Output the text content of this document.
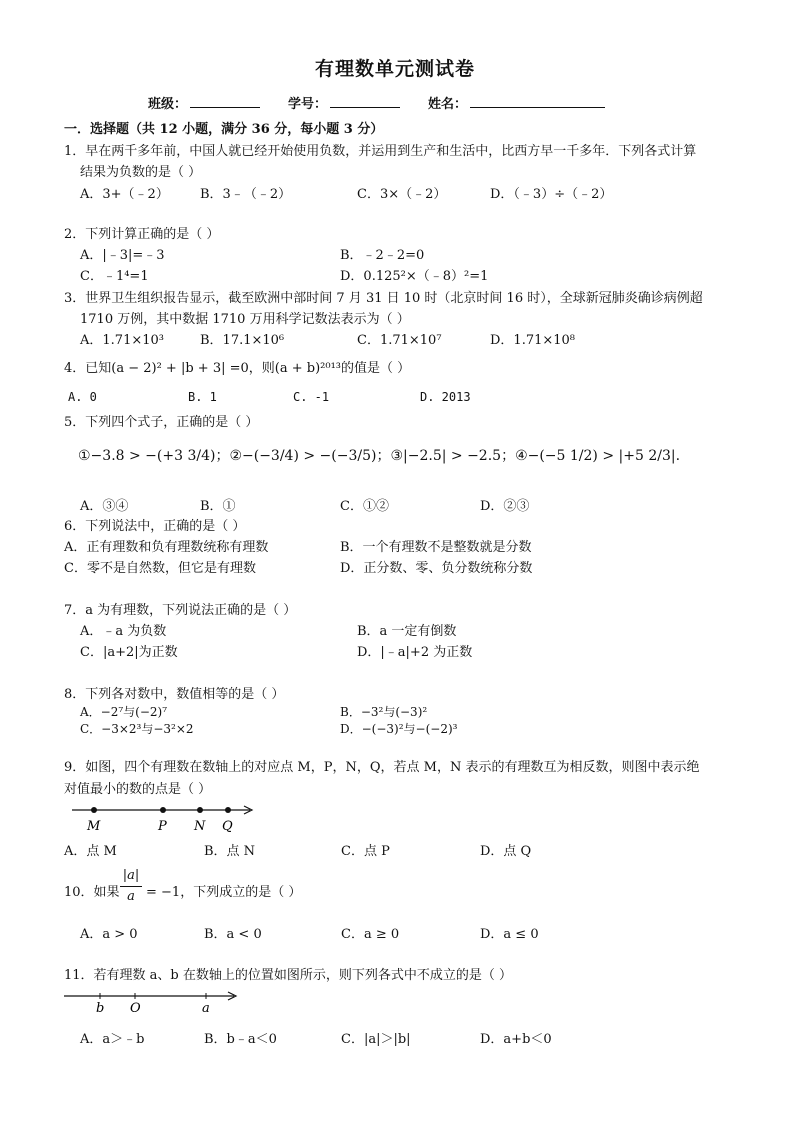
有理数单元测试卷
班级：	学号：	姓名：
一．选择题（共 12 小题，满分 36 分，每小题 3 分）
1．早在两千多年前，中国人就已经开始使用负数，并运用到生产和生活中，比西方早一千多年．下列各式计算
结果为负数的是（ ）
A．3+（﹣2） B．3﹣（﹣2）	C．3×（﹣2）	D．（﹣3）÷（﹣2）
2．下列计算正确的是（ ）
A．|﹣3|=﹣3	B．﹣2﹣2=0
C．﹣1⁴=1	D．0.125²×（﹣8）²=1
3．世界卫生组织报告显示，截至欧洲中部时间 7 月 31 日 10 时（北京时间 16 时），全球新冠肺炎确诊病例超
1710 万例，其中数据 1710 万用科学记数法表示为（ ）
A．1.71×10³	B．17.1×10⁶	C．1.71×10⁷	D．1.71×10⁸
4．已知(a − 2)² + |b + 3| =0，则(a + b)²⁰¹³的值是（ ）
A. 0	B. 1	C. -1	D. 2013
5．下列四个式子，正确的是（ ）
①−3.8 > −(+3 3/4)；②−(−3/4) > −(−3/5)；③|−2.5| > −2.5；④−(−5 1/2) > |+5 2/3|.
A．③④	B．①	C．①②	D．②③
6．下列说法中，正确的是（ ）
A．正有理数和负有理数统称有理数	B．一个有理数不是整数就是分数
C．零不是自然数，但它是有理数	D．正分数、零、负分数统称分数
7．a 为有理数，下列说法正确的是（ ）
A．﹣a 为负数	B．a 一定有倒数
C．|a+2|为正数	D．|﹣a|+2 为正数
8．下列各对数中，数值相等的是（ ）
A．−2⁷与(−2)⁷	B．−3²与(−3)²
C．−3×2³与−3²×2	D．−(−3)²与−(−2)³
9．如图，四个有理数在数轴上的对应点 M，P，N，Q，若点 M，N 表示的有理数互为相反数，则图中表示绝
对值最小的数的点是（ ）
M	P N Q
A．点 M	B．点 N	C．点 P	D．点 Q
10．如果
|a|
a = −1，下列成立的是（ ）
A．a > 0	B．a < 0	C．a ≥ 0	D．a ≤ 0
11．若有理数 a、b 在数轴上的位置如图所示，则下列各式中不成立的是（ ）
b O	a
A．a＞﹣b	B．b﹣a＜0	C．|a|＞|b|	D．a+b＜0
